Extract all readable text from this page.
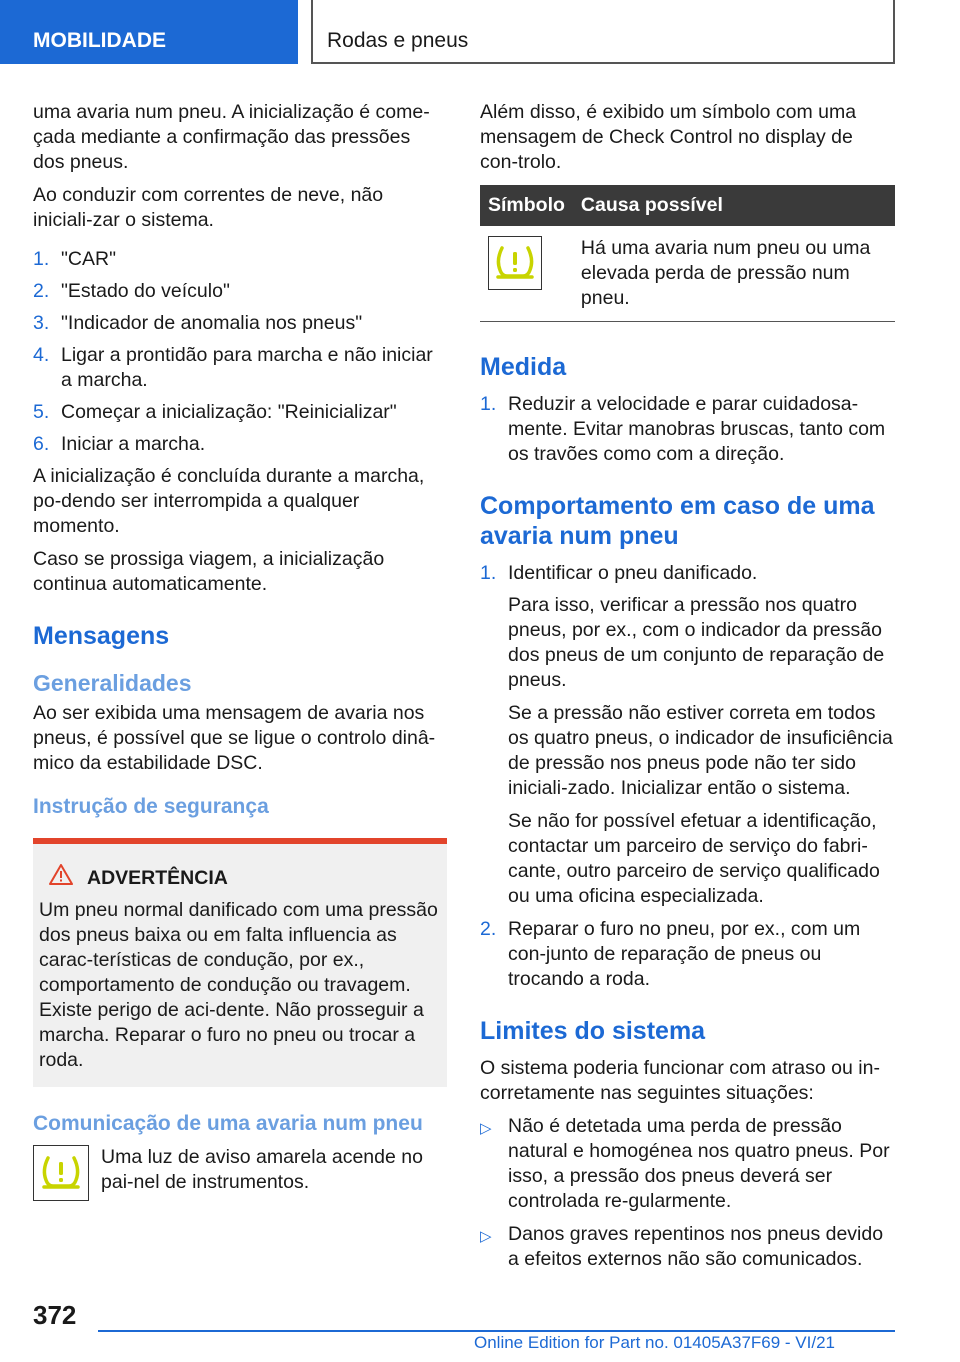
MOBILIDADE	Rodas e pneus

uma avaria num pneu. A inicialização é come-çada mediante a confirmação das pressões dos pneus.

Ao conduzir com correntes de neve, não iniciali-zar o sistema.

1. "CAR"
2. "Estado do veículo"
3. "Indicador de anomalia nos pneus"
4. Ligar a prontidão para marcha e não iniciar a marcha.
5. Começar a inicialização: "Reinicializar"
6. Iniciar a marcha.

A inicialização é concluída durante a marcha, po-dendo ser interrompida a qualquer momento.

Caso se prossiga viagem, a inicialização continua automaticamente.

Mensagens
Generalidades

Ao ser exibida uma mensagem de avaria nos pneus, é possível que se ligue o controlo dinâ-mico da estabilidade DSC.

Instrução de segurança
ADVERTÊNCIA
Um pneu normal danificado com uma pressão dos pneus baixa ou em falta influencia as carac-terísticas de condução, por ex., comportamento de condução ou travagem. Existe perigo de aci-dente. Não prosseguir a marcha. Reparar o furo no pneu ou trocar a roda.
Comunicação de uma avaria num pneu
Uma luz de aviso amarela acende no pai-nel de instrumentos.

Além disso, é exibido um símbolo com uma mensagem de Check Control no display de con-trolo.

Símbolo	Causa possível

	Há uma avaria num pneu ou uma elevada perda de pressão num pneu.
Medida
1. Reduzir a velocidade e parar cuidadosa-mente. Evitar manobras bruscas, tanto com os travões como com a direção.
Comportamento em caso de uma avaria num pneu
1. Identificar o pneu danificado.
Para isso, verificar a pressão nos quatro pneus, por ex., com o indicador da pressão dos pneus de um conjunto de reparação de pneus.
Se a pressão não estiver correta em todos os quatro pneus, o indicador de insuficiência de pressão nos pneus pode não ter sido iniciali-zado. Inicializar então o sistema.
Se não for possível efetuar a identificação, contactar um parceiro de serviço do fabri-cante, outro parceiro de serviço qualificado ou uma oficina especializada.
2. Reparar o furo no pneu, por ex., com um con-junto de reparação de pneus ou trocando a roda.
Limites do sistema

O sistema poderia funcionar com atraso ou in-corretamente nas seguintes situações:

▷ Não é detetada uma perda de pressão natural e homogénea nos quatro pneus. Por isso, a pressão dos pneus deverá ser controlada re-gularmente.
▷ Danos graves repentinos nos pneus devido a efeitos externos não são comunicados.
372
Online Edition for Part no. 01405A37F69 - VI/21
